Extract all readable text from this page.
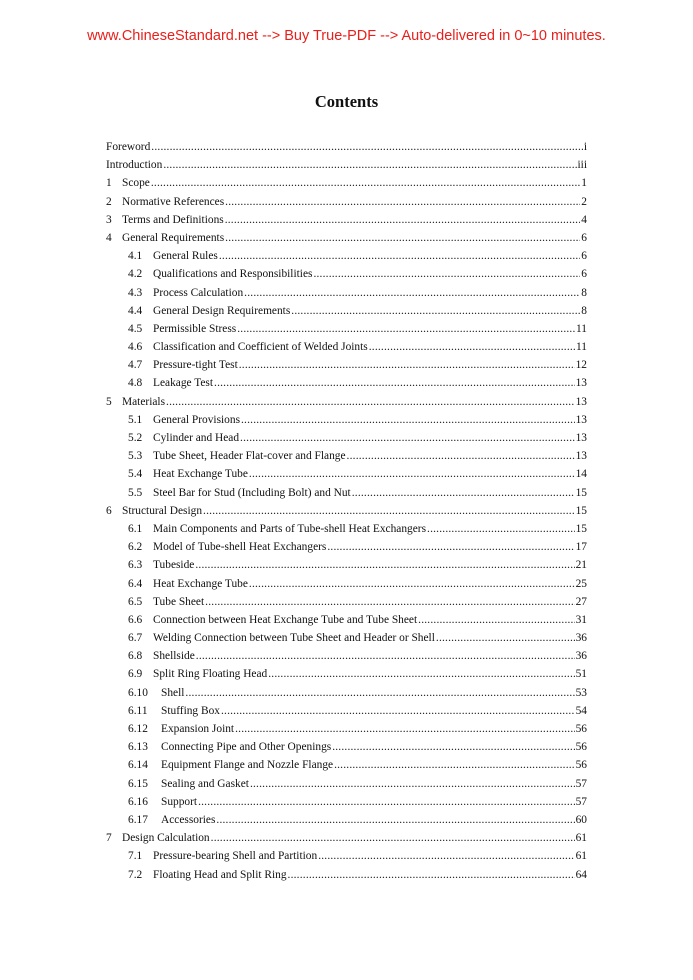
www.ChineseStandard.net --> Buy True-PDF --> Auto-delivered in 0~10 minutes.
Contents
Foreword .....	i
Introduction .....	iii
1 Scope .....	1
2 Normative References .....	2
3 Terms and Definitions .....	4
4 General Requirements .....	6
4.1 General Rules .....	6
4.2 Qualifications and Responsibilities .....	6
4.3 Process Calculation .....	8
4.4 General Design Requirements .....	8
4.5 Permissible Stress .....	11
4.6 Classification and Coefficient of Welded Joints .....	11
4.7 Pressure-tight Test .....	12
4.8 Leakage Test .....	13
5 Materials .....	13
5.1 General Provisions .....	13
5.2 Cylinder and Head .....	13
5.3 Tube Sheet, Header Flat-cover and Flange .....	13
5.4 Heat Exchange Tube .....	14
5.5 Steel Bar for Stud (Including Bolt) and Nut .....	15
6 Structural Design .....	15
6.1 Main Components and Parts of Tube-shell Heat Exchangers .....	15
6.2 Model of Tube-shell Heat Exchangers .....	17
6.3 Tubeside .....	21
6.4 Heat Exchange Tube .....	25
6.5 Tube Sheet .....	27
6.6 Connection between Heat Exchange Tube and Tube Sheet .....	31
6.7 Welding Connection between Tube Sheet and Header or Shell .....	36
6.8 Shellside .....	36
6.9 Split Ring Floating Head .....	51
6.10	Shell .....	53
6.11	Stuffing Box .....	54
6.12	Expansion Joint .....	56
6.13	Connecting Pipe and Other Openings .....	56
6.14	Equipment Flange and Nozzle Flange .....	56
6.15	Sealing and Gasket .....	57
6.16	Support .....	57
6.17	Accessories .....	60
7 Design Calculation .....	61
7.1 Pressure-bearing Shell and Partition .....	61
7.2 Floating Head and Split Ring .....	64
